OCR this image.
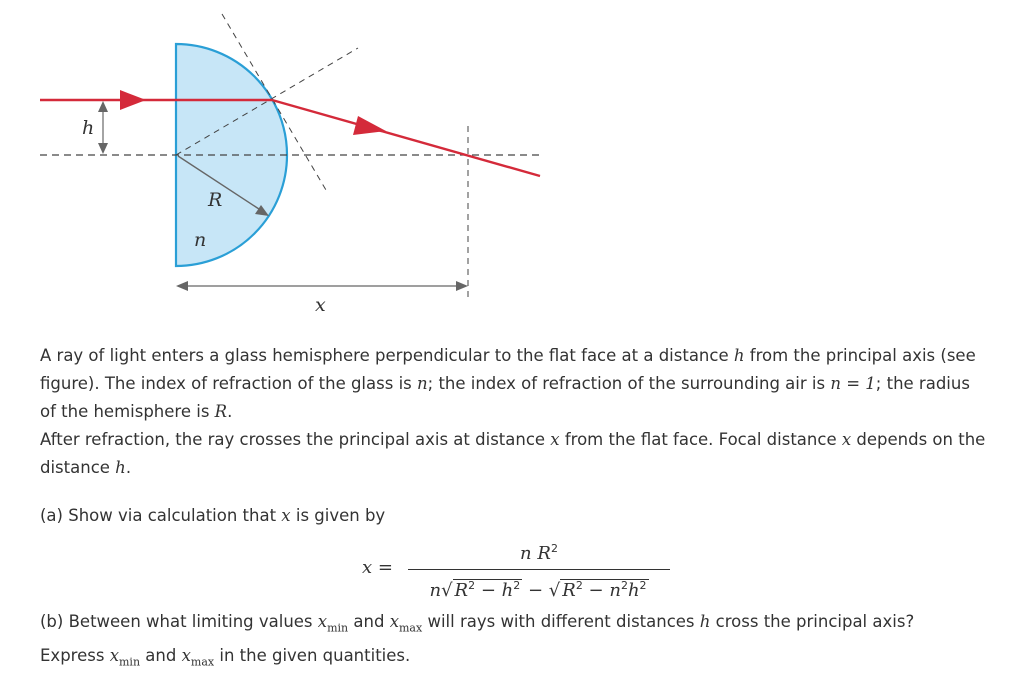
h
R
n
x

A ray of light enters a glass hemisphere perpendicular to the flat face at a distance h from the principal axis (see figure). The index of refraction of the glass is n; the index of refraction of the surrounding air is n = 1; the radius of the hemisphere is R.

After refraction, the ray crosses the principal axis at distance x from the flat face. Focal distance x depends on the distance h.

(a) Show via calculation that x is given by

x =
n $R^2$
n√ $R^2 - h^2$ − √ $R^2 - n^2h^2$

(b) Between what limiting values $x_{min}$ and $x_{max}$ will rays with different distances h cross the principal axis?
Express $x_{min}$ and $x_{max}$ in the given quantities.
